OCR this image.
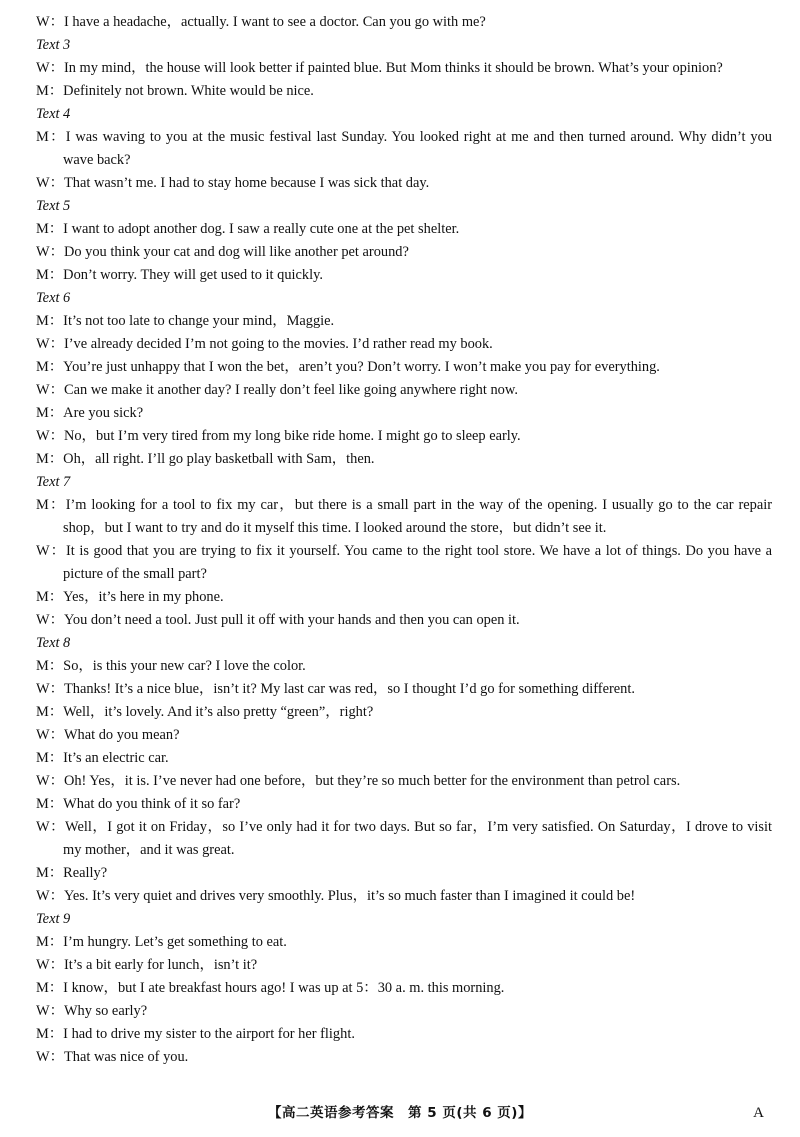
W：I have a headache，actually. I want to see a doctor. Can you go with me?
Text 3
W：In my mind，the house will look better if painted blue. But Mom thinks it should be brown. What’s your opinion?
M：Definitely not brown. White would be nice.
Text 4
M：I was waving to you at the music festival last Sunday. You looked right at me and then turned around. Why didn’t you wave back?
W：That wasn’t me. I had to stay home because I was sick that day.
Text 5
M：I want to adopt another dog. I saw a really cute one at the pet shelter.
W：Do you think your cat and dog will like another pet around?
M：Don’t worry. They will get used to it quickly.
Text 6
M：It’s not too late to change your mind，Maggie.
W：I’ve already decided I’m not going to the movies. I’d rather read my book.
M：You’re just unhappy that I won the bet，aren’t you? Don’t worry. I won’t make you pay for everything.
W：Can we make it another day? I really don’t feel like going anywhere right now.
M：Are you sick?
W：No，but I’m very tired from my long bike ride home. I might go to sleep early.
M：Oh，all right. I’ll go play basketball with Sam，then.
Text 7
M：I’m looking for a tool to fix my car，but there is a small part in the way of the opening. I usually go to the car repair shop，but I want to try and do it myself this time. I looked around the store，but didn’t see it.
W：It is good that you are trying to fix it yourself. You came to the right tool store. We have a lot of things. Do you have a picture of the small part?
M：Yes，it’s here in my phone.
W：You don’t need a tool. Just pull it off with your hands and then you can open it.
Text 8
M：So，is this your new car? I love the color.
W：Thanks! It’s a nice blue，isn’t it? My last car was red，so I thought I’d go for something different.
M：Well，it’s lovely. And it’s also pretty “green”，right?
W：What do you mean?
M：It’s an electric car.
W：Oh! Yes，it is. I’ve never had one before，but they’re so much better for the environment than petrol cars.
M：What do you think of it so far?
W：Well，I got it on Friday，so I’ve only had it for two days. But so far，I’m very satisfied. On Saturday，I drove to visit my mother，and it was great.
M：Really?
W：Yes. It’s very quiet and drives very smoothly. Plus，it’s so much faster than I imagined it could be!
Text 9
M：I’m hungry. Let’s get something to eat.
W：It’s a bit early for lunch，isn’t it?
M：I know，but I ate breakfast hours ago! I was up at 5：30 a. m. this morning.
W：Why so early?
M：I had to drive my sister to the airport for her flight.
W：That was nice of you.
【高二英语参考答案　第 5 页(共 6 页)】	A
